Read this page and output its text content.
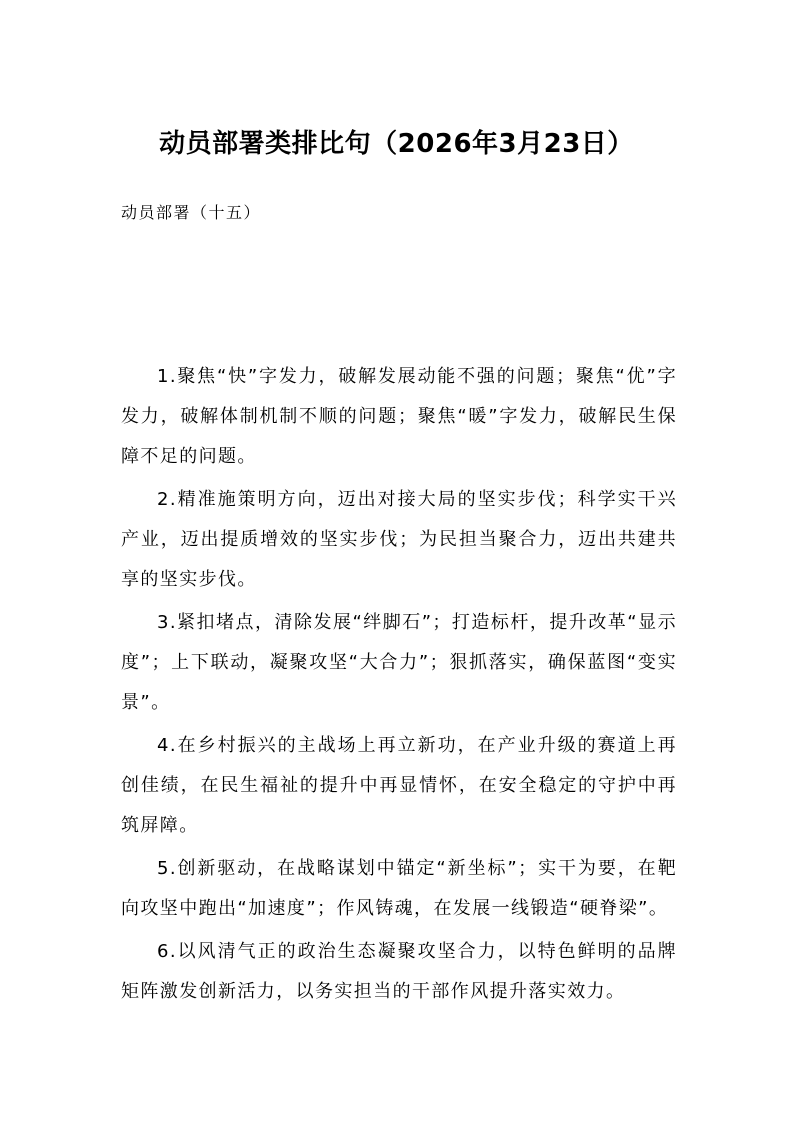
动员部署类排比句（2026年3月23日）

动员部署（十五）

1.聚焦“快”字发力，破解发展动能不强的问题；聚焦“优”字发力，破解体制机制不顺的问题；聚焦“暖”字发力，破解民生保障不足的问题。

2.精准施策明方向，迈出对接大局的坚实步伐；科学实干兴产业，迈出提质增效的坚实步伐；为民担当聚合力，迈出共建共享的坚实步伐。

3.紧扣堵点，清除发展“绊脚石”；打造标杆，提升改革“显示度”；上下联动，凝聚攻坚“大合力”；狠抓落实，确保蓝图“变实景”。

4.在乡村振兴的主战场上再立新功，在产业升级的赛道上再创佳绩，在民生福祉的提升中再显情怀，在安全稳定的守护中再筑屏障。

5.创新驱动，在战略谋划中锚定“新坐标”；实干为要，在靶向攻坚中跑出“加速度”；作风铸魂，在发展一线锻造“硬脊梁”。

6.以风清气正的政治生态凝聚攻坚合力，以特色鲜明的品牌矩阵激发创新活力，以务实担当的干部作风提升落实效力。
